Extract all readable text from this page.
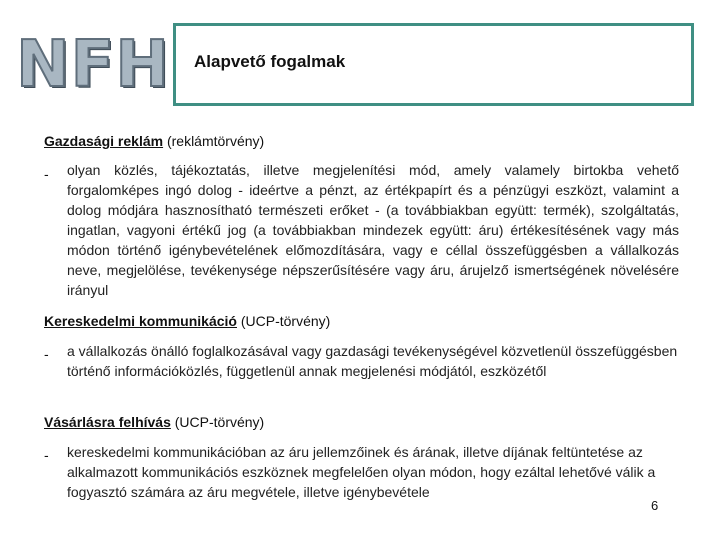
NFH Alapvető fogalmak
Gazdasági reklám (reklámtörvény)
- olyan közlés, tájékoztatás, illetve megjelenítési mód, amely valamely birtokba vehető forgalomképes ingó dolog - ideértve a pénzt, az értékpapírt és a pénzügyi eszközt, valamint a dolog módjára hasznosítható természeti erőket - (a továbbiakban együtt: termék), szolgáltatás, ingatlan, vagyoni értékű jog (a továbbiakban mindezek együtt: áru) értékesítésének vagy más módon történő igénybevételének előmozdítására, vagy e céllal összefüggésben a vállalkozás neve, megjelölése, tevékenysége népszerűsítésére vagy áru, árujelző ismertségének növelésére irányul
Kereskedelmi kommunikáció (UCP-törvény)
- a vállalkozás önálló foglalkozásával vagy gazdasági tevékenységével közvetlenül összefüggésben történő információközlés, függetlenül annak megjelenési módjától, eszközétől
Vásárlásra felhívás (UCP-törvény)
- kereskedelmi kommunikációban az áru jellemzőinek és árának, illetve díjának feltüntetése az alkalmazott kommunikációs eszköznek megfelelően olyan módon, hogy ezáltal lehetővé válik a fogyasztó számára az áru megvétele, illetve igénybevétele
6
